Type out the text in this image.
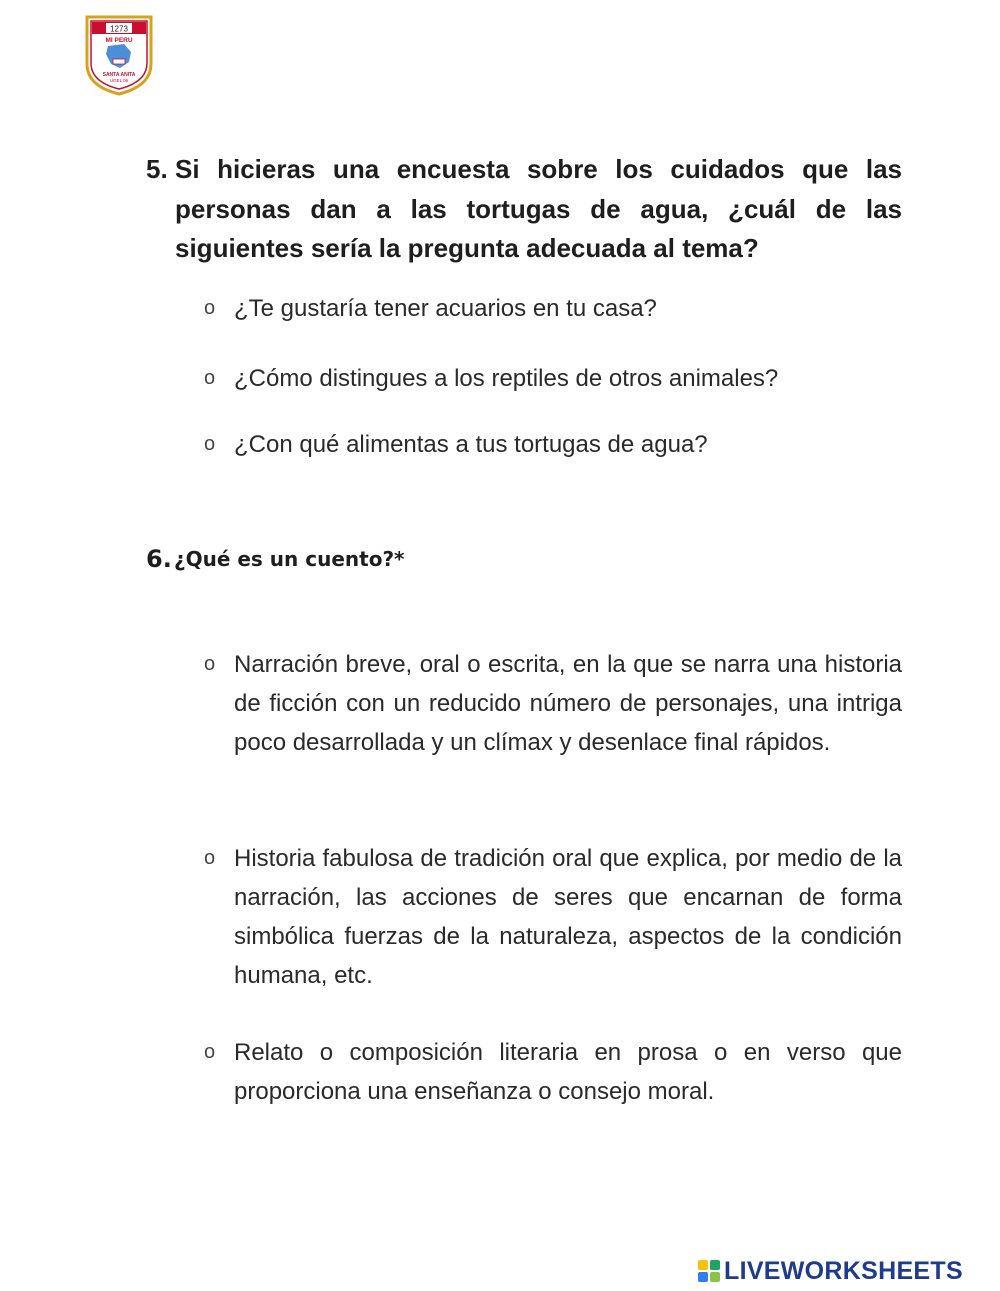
1273
MI PERU
SANTA ANITA
UGEL 06
5. Si hicieras una encuesta sobre los cuidados que las personas dan a las tortugas de agua, ¿cuál de las siguientes sería la pregunta adecuada al tema?
o ¿Te gustaría tener acuarios en tu casa?
o ¿Cómo distingues a los reptiles de otros animales?
o ¿Con qué alimentas a tus tortugas de agua?
6. ¿Qué es un cuento?*
o Narración breve, oral o escrita, en la que se narra una historia de ficción con un reducido número de personajes, una intriga poco desarrollada y un clímax y desenlace final rápidos.
o Historia fabulosa de tradición oral que explica, por medio de la narración, las acciones de seres que encarnan de forma simbólica fuerzas de la naturaleza, aspectos de la condición humana, etc.
o Relato o composición literaria en prosa o en verso que proporciona una enseñanza o consejo moral.
LIVEWORKSHEETS
